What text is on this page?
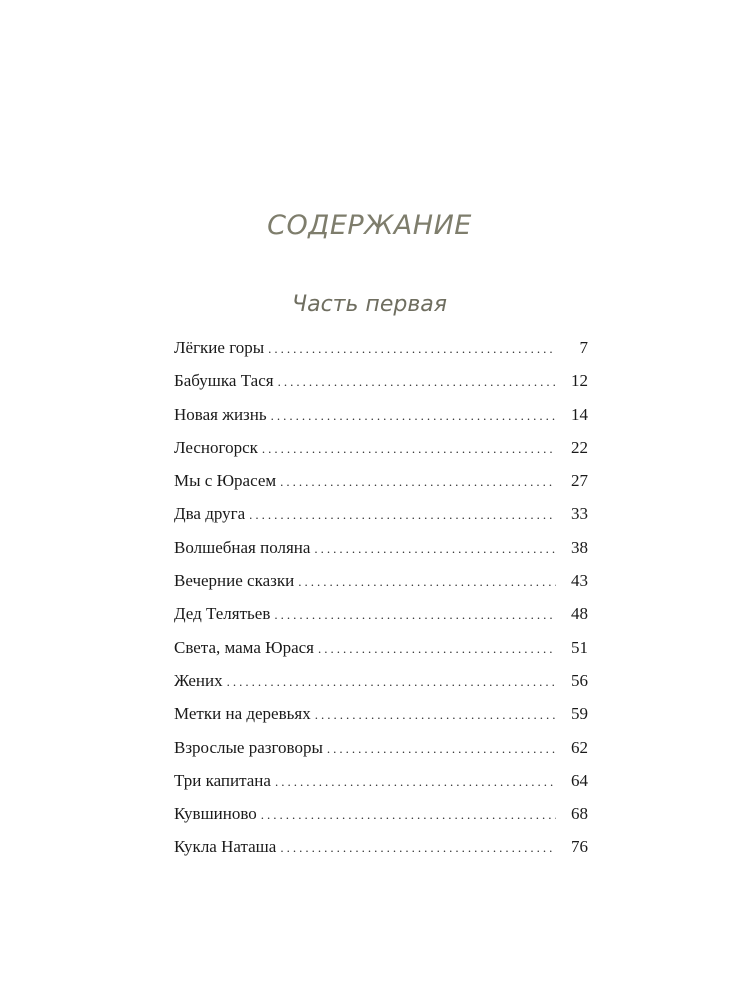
СОДЕРЖАНИЕ
Часть первая
Лёгкие горы .....	7
Бабушка Тася .....	12
Новая жизнь .....	14
Лесногорск .....	22
Мы с Юрасем .....	27
Два друга .....	33
Волшебная поляна .....	38
Вечерние сказки .....	43
Дед Телятьев .....	48
Света, мама Юрася .....	51
Жених .....	56
Метки на деревьях .....	59
Взрослые разговоры .....	62
Три капитана .....	64
Кувшиново .....	68
Кукла Наташа .....	76
